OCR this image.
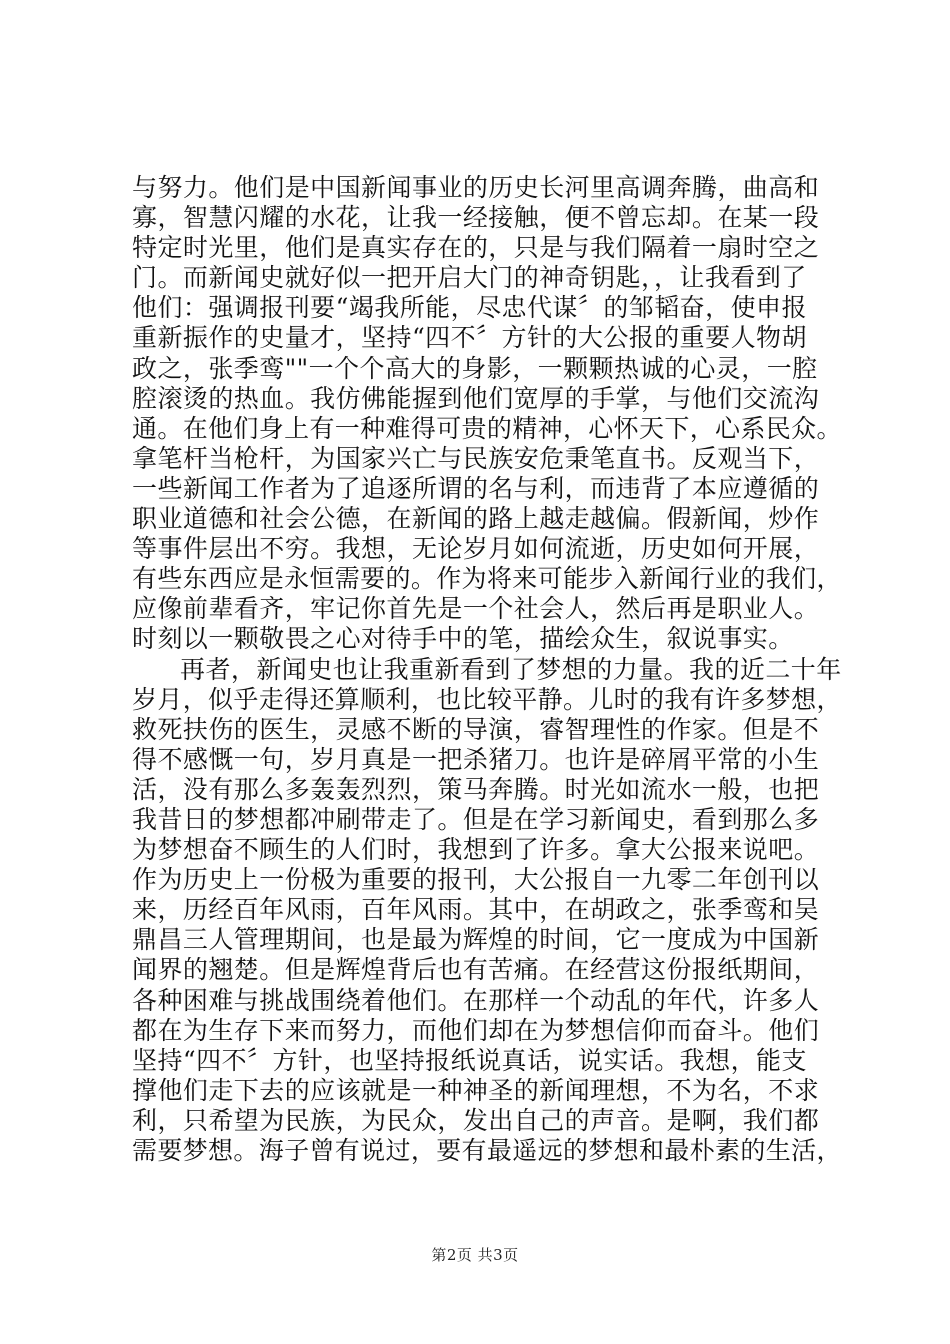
与努力。他们是中国新闻事业的历史长河里高调奔腾，曲高和
寡，智慧闪耀的水花，让我一经接触，便不曾忘却。在某一段
特定时光里，他们是真实存在的，只是与我们隔着一扇时空之
门。而新闻史就好似一把开启大门的神奇钥匙，，让我看到了
他们：强调报刊要“竭我所能，尽忠代谋〞的邹韬奋，使申报
重新振作的史量才，坚持“四不〞方针的大公报的重要人物胡
政之，张季鸾""一个个高大的身影，一颗颗热诚的心灵，一腔
腔滚烫的热血。我仿佛能握到他们宽厚的手掌，与他们交流沟
通。在他们身上有一种难得可贵的精神，心怀天下，心系民众。
拿笔杆当枪杆，为国家兴亡与民族安危秉笔直书。反观当下，
一些新闻工作者为了追逐所谓的名与利，而违背了本应遵循的
职业道德和社会公德，在新闻的路上越走越偏。假新闻，炒作
等事件层出不穷。我想，无论岁月如何流逝，历史如何开展，
有些东西应是永恒需要的。作为将来可能步入新闻行业的我们，
应像前辈看齐，牢记你首先是一个社会人，然后再是职业人。
时刻以一颗敬畏之心对待手中的笔，描绘众生，叙说事实。
再者，新闻史也让我重新看到了梦想的力量。我的近二十年
岁月，似乎走得还算顺利，也比较平静。儿时的我有许多梦想，
救死扶伤的医生，灵感不断的导演，睿智理性的作家。但是不
得不感慨一句，岁月真是一把杀猪刀。也许是碎屑平常的小生
活，没有那么多轰轰烈烈，策马奔腾。时光如流水一般，也把
我昔日的梦想都冲刷带走了。但是在学习新闻史，看到那么多
为梦想奋不顾生的人们时，我想到了许多。拿大公报来说吧。
作为历史上一份极为重要的报刊，大公报自一九零二年创刊以
来，历经百年风雨，百年风雨。其中，在胡政之，张季鸾和吴
鼎昌三人管理期间，也是最为辉煌的时间，它一度成为中国新
闻界的翘楚。但是辉煌背后也有苦痛。在经营这份报纸期间，
各种困难与挑战围绕着他们。在那样一个动乱的年代，许多人
都在为生存下来而努力，而他们却在为梦想信仰而奋斗。他们
坚持“四不〞方针，也坚持报纸说真话，说实话。我想，能支
撑他们走下去的应该就是一种神圣的新闻理想，不为名，不求
利，只希望为民族，为民众，发出自己的声音。是啊，我们都
需要梦想。海子曾有说过，要有最遥远的梦想和最朴素的生活，
第2页 共3页
